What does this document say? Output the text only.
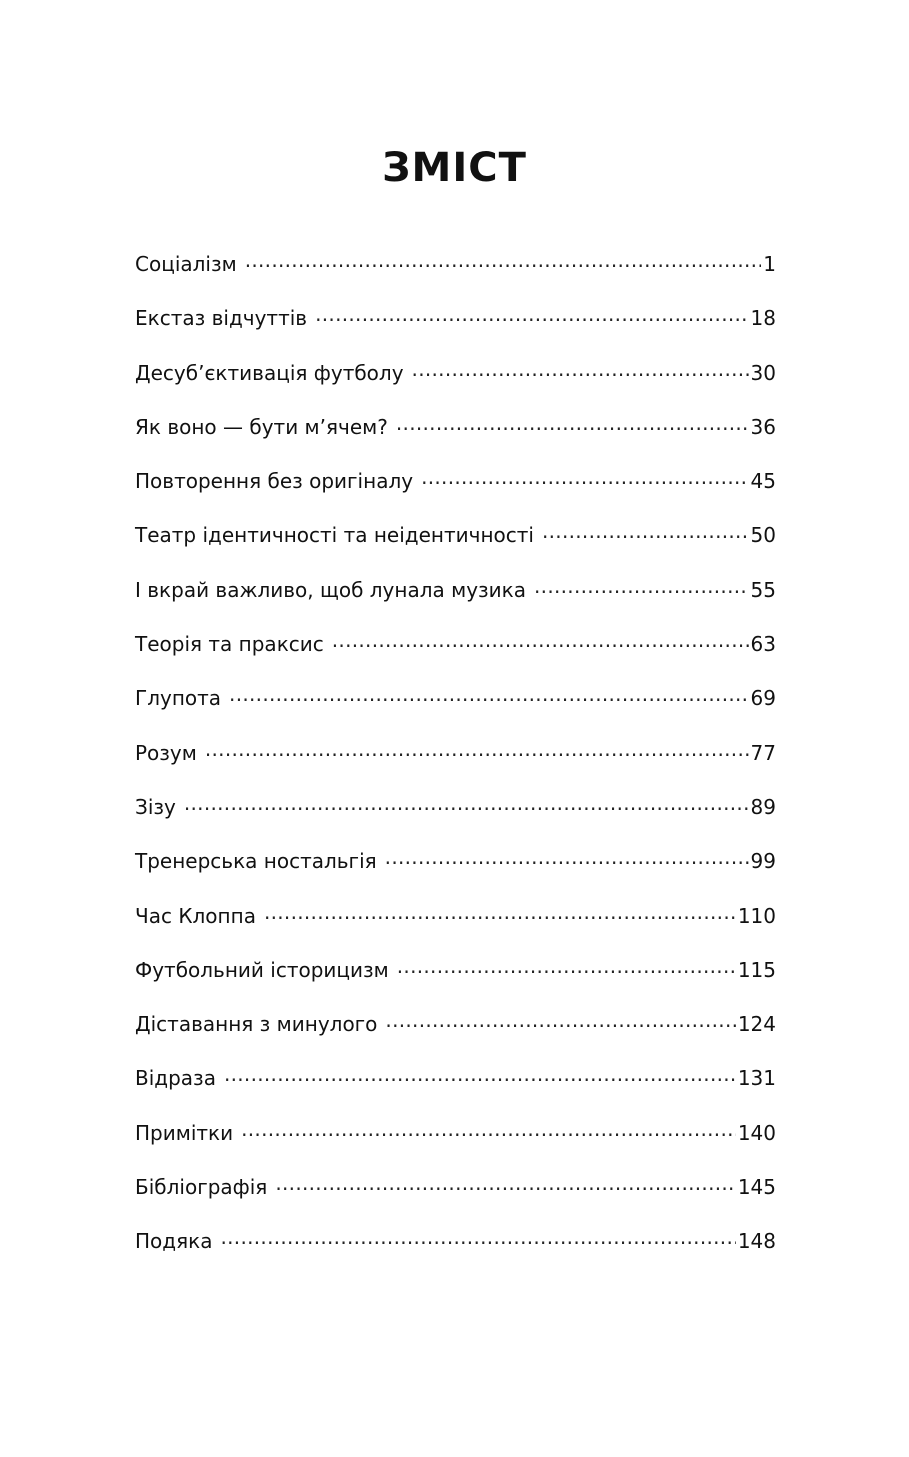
ЗМІСТ
Соціалізм .....	1
Екстаз відчуттів .....	18
Десуб’єктивація футболу .....	30
Як воно — бути м’ячем? .....	36
Повторення без оригіналу .....	45
Театр ідентичності та неідентичності .....	50
І вкрай важливо, щоб лунала музика .....	55
Теорія та праксис .....	63
Глупота .....	69
Розум .....	77
Зізу .....	89
Тренерська ностальгія .....	99
Час Клоппа .....	110
Футбольний історицизм .....	115
Діставання з минулого .....	124
Відраза .....	131
Примітки .....	140
Бібліографія .....	145
Подяка .....	148
